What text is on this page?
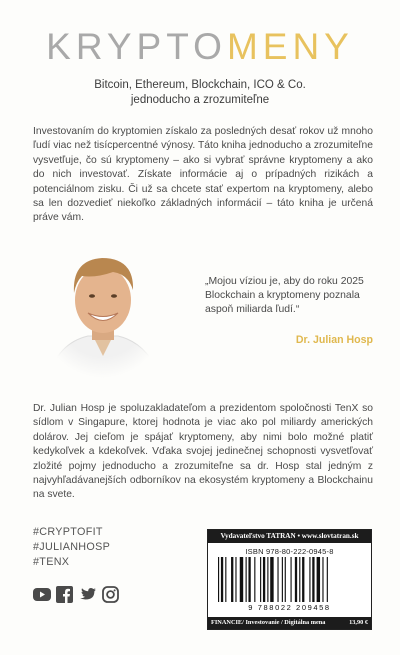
KRYPTOMENY
Bitcoin, Ethereum, Blockchain, ICO & Co.
jednoducho a zrozumiteľne
Investovaním do kryptomien získalo za posledných desať rokov už mnoho ľudí viac než tisícpercentné výnosy. Táto kniha jednoducho a zrozumiteľne vysvetľuje, čo sú kryptomeny – ako si vybrať správne kryptomeny a ako do nich investovať. Získate informácie aj o prípadných rizikách a potenciálnom zisku. Či už sa chcete stať expertom na kryptomeny, alebo sa len dozvedieť niekoľko základných informácií – táto kniha je určená práve vám.
„Mojou víziou je, aby do roku 2025 Blockchain a kryptomeny poznala aspoň miliarda ľudí.“
Dr. Julian Hosp
Dr. Julian Hosp je spoluzakladateľom a prezidentom spoločnosti TenX so sídlom v Singapure, ktorej hodnota je viac ako pol miliardy amerických dolárov. Jej cieľom je spájať kryptomeny, aby nimi bolo možné platiť kedykoľvek a kdekoľvek. Vďaka svojej jedinečnej schopnosti vysvetľovať zložité pojmy jednoducho a zrozumiteľne sa dr. Hosp stal jedným z najvyhľadávanejších odborníkov na ekosystém kryptomeny a Blockchainu na svete.
#CRYPTOFIT
#JULIANHOSP
#TENX
Vydavateľstvo TATRAN • www.slovtatran.sk
ISBN 978-80-222-0945-8
9 788022 209458
FINANCIE/ Investovanie / Digitálna mena	13,90 €
